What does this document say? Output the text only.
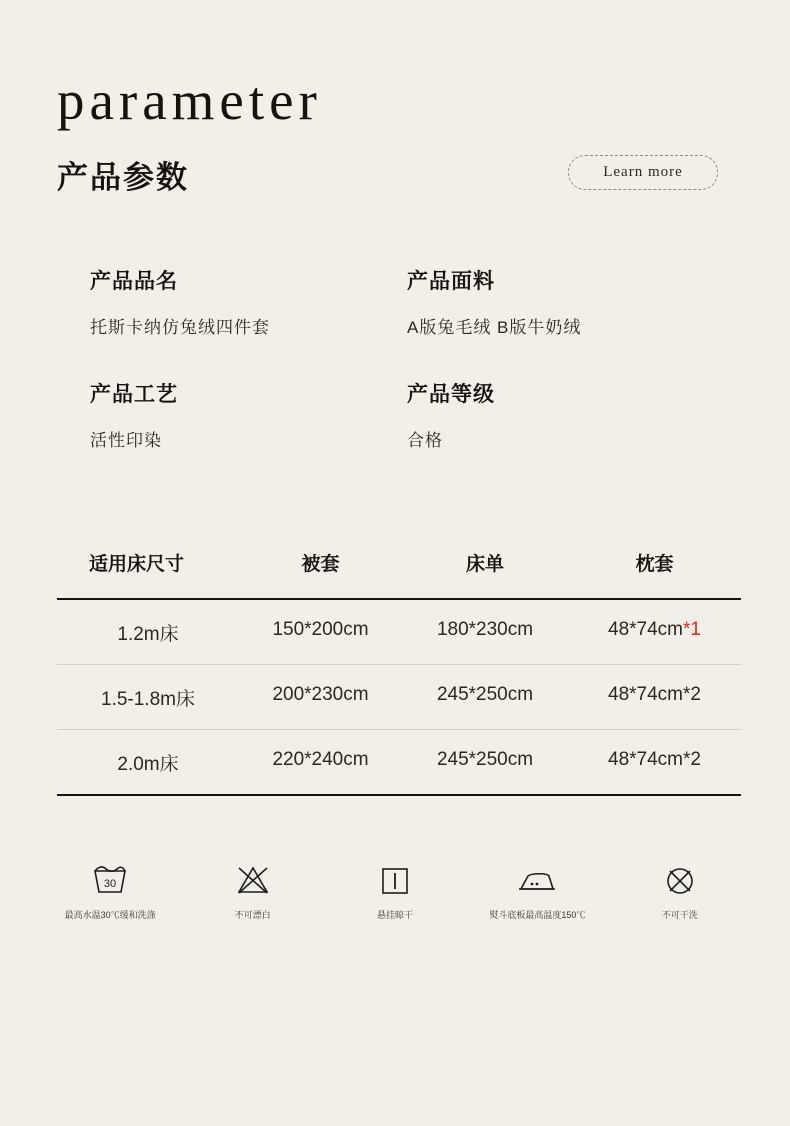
parameter
产品参数	Learn more
产品品名
托斯卡纳仿兔绒四件套
产品面料
A版兔毛绒 B版牛奶绒
产品工艺
活性印染
产品等级
合格
适用床尺寸	被套	床单	枕套
1.2m床	150*200cm	180*230cm	48*74cm*1
1.5-1.8m床	200*230cm	245*250cm	48*74cm*2
2.0m床	220*240cm	245*250cm	48*74cm*2
30
最高水温30℃缓和洗涤	不可漂白	悬挂晾干	熨斗底板最高温度150℃	不可干洗
